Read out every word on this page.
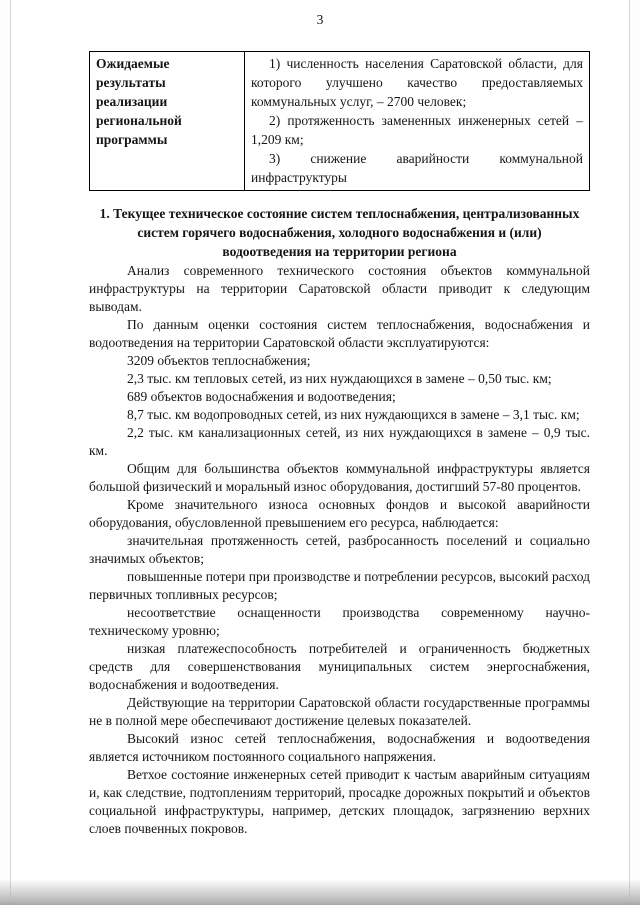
3
Ожидаемые результаты реализации региональной программы	
1) численность населения Саратовской области, для которого улучшено качество предоставляемых коммунальных услуг, – 2700 человек;
2) протяженность замененных инженерных сетей – 1,209 км;
3) снижение аварийности коммунальной инфраструктуры
1. Текущее техническое состояние систем теплоснабжения, централизованных систем горячего водоснабжения, холодного водоснабжения и (или) водоотведения на территории региона

Анализ современного технического состояния объектов коммунальной инфраструктуры на территории Саратовской области приводит к следующим выводам.

По данным оценки состояния систем теплоснабжения, водоснабжения и водоотведения на территории Саратовской области эксплуатируются:

3209 объектов теплоснабжения;

2,3 тыс. км тепловых сетей, из них нуждающихся в замене – 0,50 тыс. км;

689 объектов водоснабжения и водоотведения;

8,7 тыс. км водопроводных сетей, из них нуждающихся в замене – 3,1 тыс. км;

2,2 тыс. км канализационных сетей, из них нуждающихся в замене – 0,9 тыс. км.

Общим для большинства объектов коммунальной инфраструктуры является большой физический и моральный износ оборудования, достигший 57-80 процентов.

Кроме значительного износа основных фондов и высокой аварийности оборудования, обусловленной превышением его ресурса, наблюдается:

значительная протяженность сетей, разбросанность поселений и социально значимых объектов;

повышенные потери при производстве и потреблении ресурсов, высокий расход первичных топливных ресурсов;

несоответствие оснащенности производства современному научно-техническому уровню;

низкая платежеспособность потребителей и ограниченность бюджетных средств для совершенствования муниципальных систем энергоснабжения, водоснабжения и водоотведения.

Действующие на территории Саратовской области государственные программы не в полной мере обеспечивают достижение целевых показателей.

Высокий износ сетей теплоснабжения, водоснабжения и водоотведения является источником постоянного социального напряжения.

Ветхое состояние инженерных сетей приводит к частым аварийным ситуациям и, как следствие, подтоплениям территорий, просадке дорожных покрытий и объектов социальной инфраструктуры, например, детских площадок, загрязнению верхних слоев почвенных покровов.
